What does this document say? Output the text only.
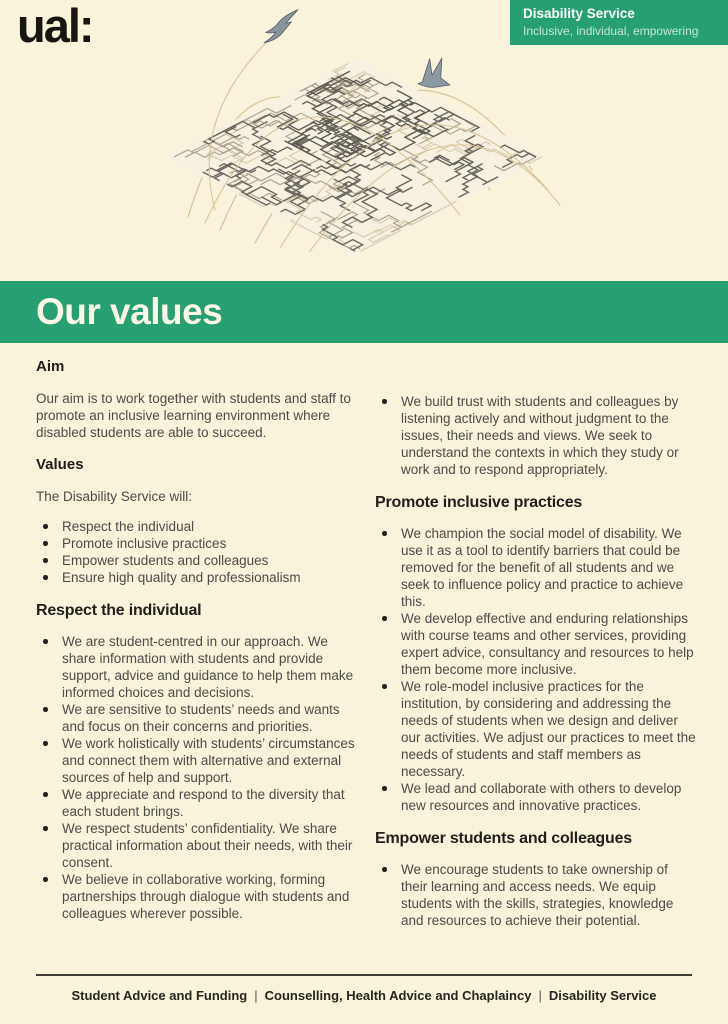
ual:	Disability Service
Inclusive, individual, empowering
Our values
Aim

Our aim is to work together with students and staff to promote an inclusive learning environment where disabled students are able to succeed.

Values

The Disability Service will:

Respect the individual
Promote inclusive practices
Empower students and colleagues
Ensure high quality and professionalism
Respect the individual
We are student-centred in our approach. We share information with students and provide support, advice and guidance to help them make informed choices and decisions.
We are sensitive to students’ needs and wants and focus on their concerns and priorities.
We work holistically with students’ circumstances and connect them with alternative and external sources of help and support.
We appreciate and respond to the diversity that each student brings.
We respect students’ confidentiality. We share practical information about their needs, with their consent.
We believe in collaborative working, forming partnerships through dialogue with students and colleagues wherever possible.
We build trust with students and colleagues by listening actively and without judgment to the issues, their needs and views. We seek to understand the contexts in which they study or work and to respond appropriately.
Promote inclusive practices
We champion the social model of disability. We use it as a tool to identify barriers that could be removed for the benefit of all students and we seek to influence policy and practice to achieve this.
We develop effective and enduring relationships with course teams and other services, providing expert advice, consultancy and resources to help them become more inclusive.
We role-model inclusive practices for the institution, by considering and addressing the needs of students when we design and deliver our activities. We adjust our practices to meet the needs of students and staff members as necessary.
We lead and collaborate with others to develop new resources and innovative practices.
Empower students and colleagues
We encourage students to take ownership of their learning and access needs. We equip students with the skills, strategies, knowledge and resources to achieve their potential.
Student Advice and Funding | Counselling, Health Advice and Chaplaincy | Disability Service
